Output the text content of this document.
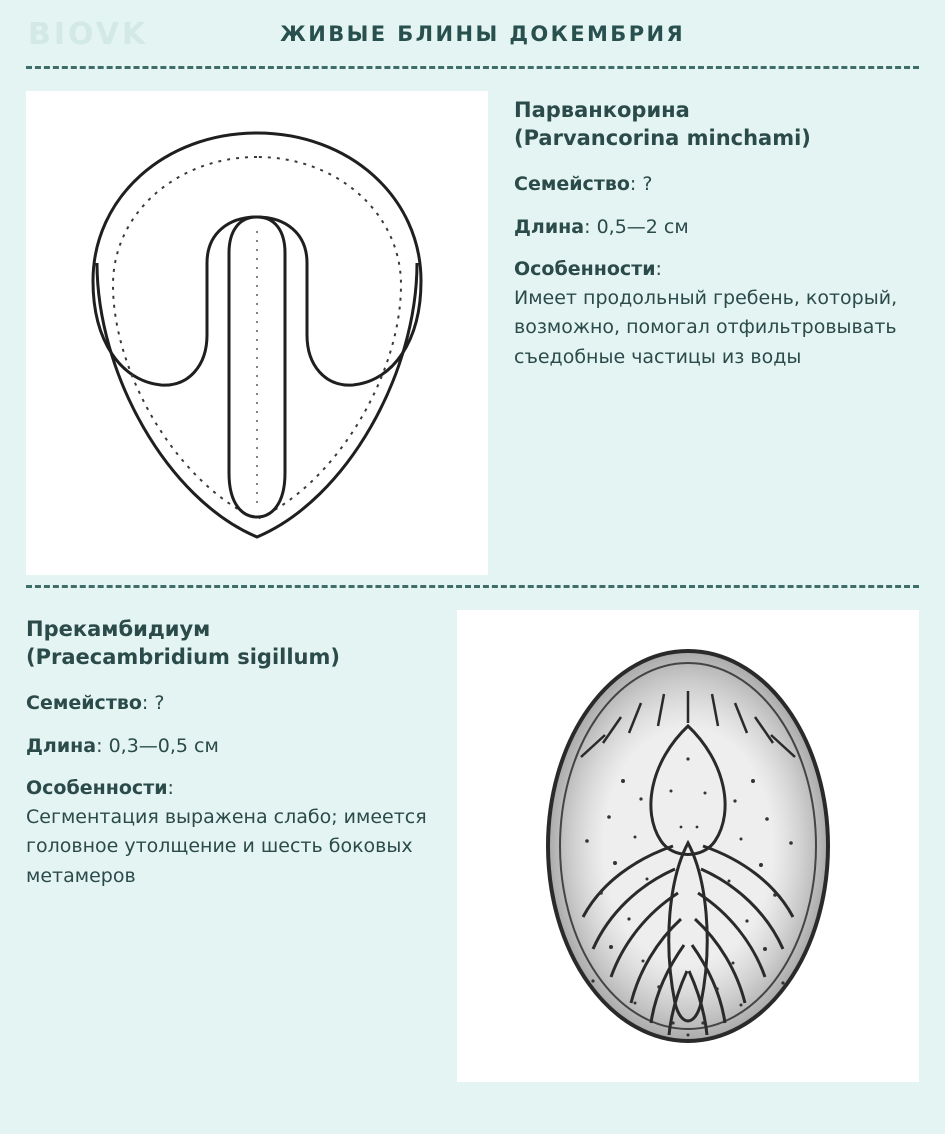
BIOVK	ЖИВЫЕ БЛИНЫ ДОКЕМБРИЯ
Парванкорина
(Parvancorina minchami)

Семейство: ?

Длина: 0,5—2 см

Особенности:
Имеет продольный гребень, который, возможно, помогал отфильтровывать съедобные частицы из воды

Прекамбидиум
(Praecambridium sigillum)

Семейство: ?

Длина: 0,3—0,5 см

Особенности:
Сегментация выражена слабо; имеется головное утолщение и шесть боковых метамеров
